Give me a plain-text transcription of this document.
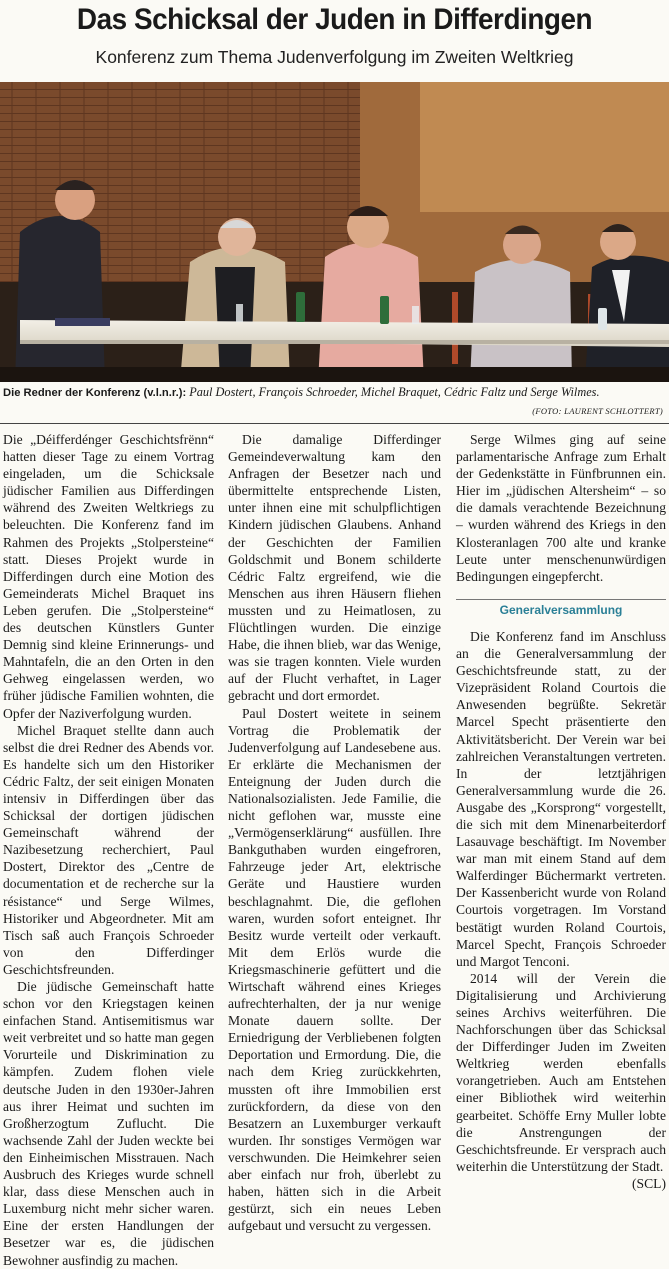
Das Schicksal der Juden in Differdingen
Konferenz zum Thema Judenverfolgung im Zweiten Weltkrieg

Die Redner der Konferenz (v.l.n.r.): Paul Dostert, François Schroeder, Michel Braquet, Cédric Faltz und Serge Wilmes.

(FOTO: LAURENT SCHLOTTERT)

Die „Déifferdénger Geschichtsfrënn“ hatten dieser Tage zu einem Vortrag eingeladen, um die Schicksale jüdischer Familien aus Differdingen während des Zweiten Weltkriegs zu beleuchten. Die Konferenz fand im Rahmen des Projekts „Stolpersteine“ statt. Dieses Projekt wurde in Differdingen durch eine Motion des Gemeinderats Michel Braquet ins Leben gerufen. Die „Stolpersteine“ des deutschen Künstlers Gunter Demnig sind kleine Erinnerungs- und Mahntafeln, die an den Orten in den Gehweg eingelassen werden, wo früher jüdische Familien wohnten, die Opfer der Naziverfolgung wurden.

Michel Braquet stellte dann auch selbst die drei Redner des Abends vor. Es handelte sich um den Historiker Cédric Faltz, der seit einigen Monaten intensiv in Differdingen über das Schicksal der dortigen jüdischen Gemeinschaft während der Nazibesetzung recherchiert, Paul Dostert, Direktor des „Centre de documentation et de recherche sur la résistance“ und Serge Wilmes, Historiker und Abgeordneter. Mit am Tisch saß auch François Schroeder von den Differdinger Geschichtsfreunden.

Die jüdische Gemeinschaft hatte schon vor den Kriegstagen keinen einfachen Stand. Antisemitismus war weit verbreitet und so hatte man gegen Vorurteile und Diskrimination zu kämpfen. Zudem flohen viele deutsche Juden in den 1930er-Jahren aus ihrer Heimat und suchten im Großherzogtum Zuflucht. Die wachsende Zahl der Juden weckte bei den Einheimischen Misstrauen. Nach Ausbruch des Krieges wurde schnell klar, dass diese Menschen auch in Luxemburg nicht mehr sicher waren. Eine der ersten Handlungen der Besetzer war es, die jüdischen Bewohner ausfindig zu machen.

Die damalige Differdinger Gemeindeverwaltung kam den Anfragen der Besetzer nach und übermittelte entsprechende Listen, unter ihnen eine mit schulpflichtigen Kindern jüdischen Glaubens. Anhand der Geschichten der Familien Goldschmit und Bonem schilderte Cédric Faltz ergreifend, wie die Menschen aus ihren Häusern fliehen mussten und zu Heimatlosen, zu Flüchtlingen wurden. Die einzige Habe, die ihnen blieb, war das Wenige, was sie tragen konnten. Viele wurden auf der Flucht verhaftet, in Lager gebracht und dort ermordet.

Paul Dostert weitete in seinem Vortrag die Problematik der Judenverfolgung auf Landesebene aus. Er erklärte die Mechanismen der Enteignung der Juden durch die Nationalsozialisten. Jede Familie, die nicht geflohen war, musste eine „Vermögenserklärung“ ausfüllen. Ihre Bankguthaben wurden eingefroren, Fahrzeuge jeder Art, elektrische Geräte und Haustiere wurden beschlagnahmt. Die, die geflohen waren, wurden sofort enteignet. Ihr Besitz wurde verteilt oder verkauft. Mit dem Erlös wurde die Kriegsmaschinerie gefüttert und die Wirtschaft während eines Krieges aufrechterhalten, der ja nur wenige Monate dauern sollte. Der Erniedrigung der Verbliebenen folgten Deportation und Ermordung. Die, die nach dem Krieg zurückkehrten, mussten oft ihre Immobilien erst zurückfordern, da diese von den Besatzern an Luxemburger verkauft wurden. Ihr sonstiges Vermögen war verschwunden. Die Heimkehrer seien aber einfach nur froh, überlebt zu haben, hätten sich in die Arbeit gestürzt, sich ein neues Leben aufgebaut und versucht zu vergessen.

Serge Wilmes ging auf seine parlamentarische Anfrage zum Erhalt der Gedenkstätte in Fünfbrunnen ein. Hier im „jüdischen Altersheim“ – so die damals verachtende Bezeichnung – wurden während des Kriegs in den Klosteranlagen 700 alte und kranke Leute unter menschenunwürdigen Bedingungen eingepfercht.

Generalversammlung

Die Konferenz fand im Anschluss an die Generalversammlung der Geschichtsfreunde statt, zu der Vizepräsident Roland Courtois die Anwesenden begrüßte. Sekretär Marcel Specht präsentierte den Aktivitätsbericht. Der Verein war bei zahlreichen Veranstaltungen vertreten. In der letztjährigen Generalversammlung wurde die 26. Ausgabe des „Korsprong“ vorgestellt, die sich mit dem Minenarbeiterdorf Lasauvage beschäftigt. Im November war man mit einem Stand auf dem Walferdinger Büchermarkt vertreten. Der Kassenbericht wurde von Roland Courtois vorgetragen. Im Vorstand bestätigt wurden Roland Courtois, Marcel Specht, François Schroeder und Margot Tenconi.

2014 will der Verein die Digitalisierung und Archivierung seines Archivs weiterführen. Die Nachforschungen über das Schicksal der Differdinger Juden im Zweiten Weltkrieg werden ebenfalls vorangetrieben. Auch am Entstehen einer Bibliothek wird weiterhin gearbeitet. Schöffe Erny Muller lobte die Anstrengungen der Geschichtsfreunde. Er versprach auch weiterhin die Unterstützung der Stadt.
(SCL)
